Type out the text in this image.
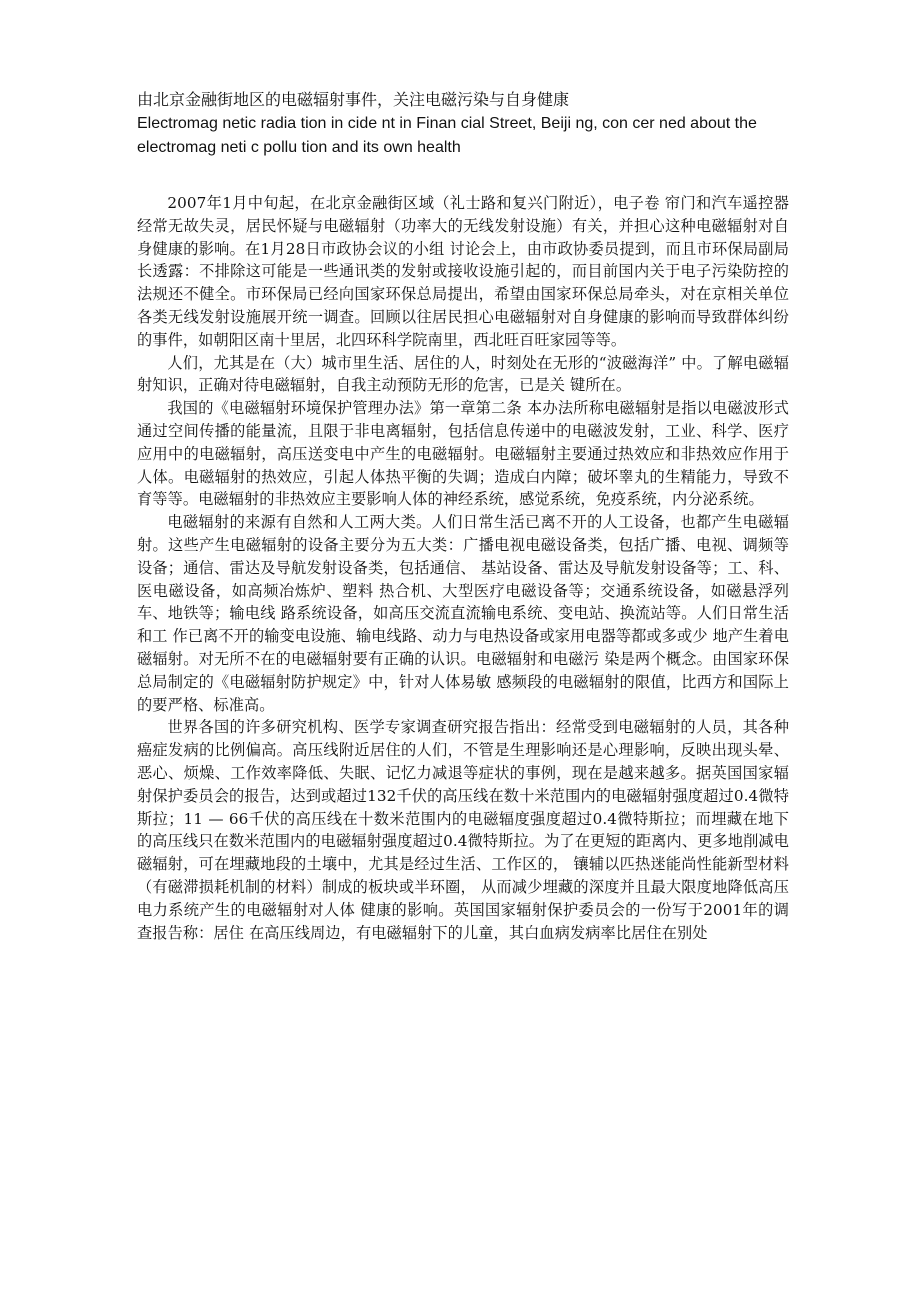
由北京金融街地区的电磁辐射事件，关注电磁污染与自身健康

Electromag netic radia tion in cide nt in Finan cial Street, Beiji ng, con cer ned about the electromag neti c pollu tion and its own health

2007年1月中旬起，在北京金融街区域（礼士路和复兴门附近），电子卷 帘门和汽车遥控器经常无故失灵，居民怀疑与电磁辐射（功率大的无线发射设施）有关，并担心这种电磁辐射对自身健康的影响。在1月28日市政协会议的小组 讨论会上，由市政协委员提到，而且市环保局副局长透露：不排除这可能是一些通讯类的发射或接收设施引起的，而目前国内关于电子污染防控的法规还不健全。市环保局已经向国家环保总局提出，希望由国家环保总局牵头，对在京相关单位各类无线发射设施展开统一调查。回顾以往居民担心电磁辐射对自身健康的影响而导致群体纠纷的事件，如朝阳区南十里居，北四环科学院南里，西北旺百旺家园等等。

人们，尤其是在（大）城市里生活、居住的人，时刻处在无形的“波磁海洋” 中。了解电磁辐射知识，正确对待电磁辐射，自我主动预防无形的危害，已是关 键所在。

我国的《电磁辐射环境保护管理办法》第一章第二条 本办法所称电磁辐射是指以电磁波形式通过空间传播的能量流，且限于非电离辐射，包括信息传递中的电磁波发射，工业、科学、医疗应用中的电磁辐射，高压送变电中产生的电磁辐射。电磁辐射主要通过热效应和非热效应作用于人体。电磁辐射的热效应，引起人体热平衡的失调；造成白内障；破坏睾丸的生精能力，导致不育等等。电磁辐射的非热效应主要影响人体的神经系统，感觉系统，免疫系统，内分泌系统。

电磁辐射的来源有自然和人工两大类。人们日常生活已离不开的人工设备，也都产生电磁辐射。这些产生电磁辐射的设备主要分为五大类：广播电视电磁设备类，包括广播、电视、调频等设备；通信、雷达及导航发射设备类，包括通信、 基站设备、雷达及导航发射设备等；工、科、医电磁设备，如高频冶炼炉、塑料 热合机、大型医疗电磁设备等；交通系统设备，如磁悬浮列车、地铁等；输电线 路系统设备，如高压交流直流输电系统、变电站、换流站等。人们日常生活和工 作已离不开的输变电设施、输电线路、动力与电热设备或家用电器等都或多或少 地产生着电磁辐射。对无所不在的电磁辐射要有正确的认识。电磁辐射和电磁污 染是两个概念。由国家环保总局制定的《电磁辐射防护规定》中，针对人体易敏 感频段的电磁辐射的限值，比西方和国际上的要严格、标准高。

世界各国的许多研究机构、医学专家调查研究报告指出：经常受到电磁辐射的人员，其各种癌症发病的比例偏高。高压线附近居住的人们，不管是生理影响还是心理影响，反映出现头晕、恶心、烦燥、工作效率降低、失眠、记忆力减退等症状的事例，现在是越来越多。据英国国家辐射保护委员会的报告，达到或超过132千伏的高压线在数十米范围内的电磁辐射强度超过0.4微特斯拉；11 — 66千伏的高压线在十数米范围内的电磁辐度强度超过0.4微特斯拉；而埋藏在地下的高压线只在数米范围内的电磁辐射强度超过0.4微特斯拉。为了在更短的距离内、更多地削减电磁辐射，可在埋藏地段的土壤中，尤其是经过生活、工作区的， 镶辅以匹热迷能尚性能新型材料（有磁滞损耗机制的材料）制成的板块或半环圈， 从而减少埋藏的深度并且最大限度地降低高压电力系统产生的电磁辐射对人体 健康的影响。英国国家辐射保护委员会的一份写于2001年的调查报告称：居住 在高压线周边，有电磁辐射下的儿童，其白血病发病率比居住在别处
